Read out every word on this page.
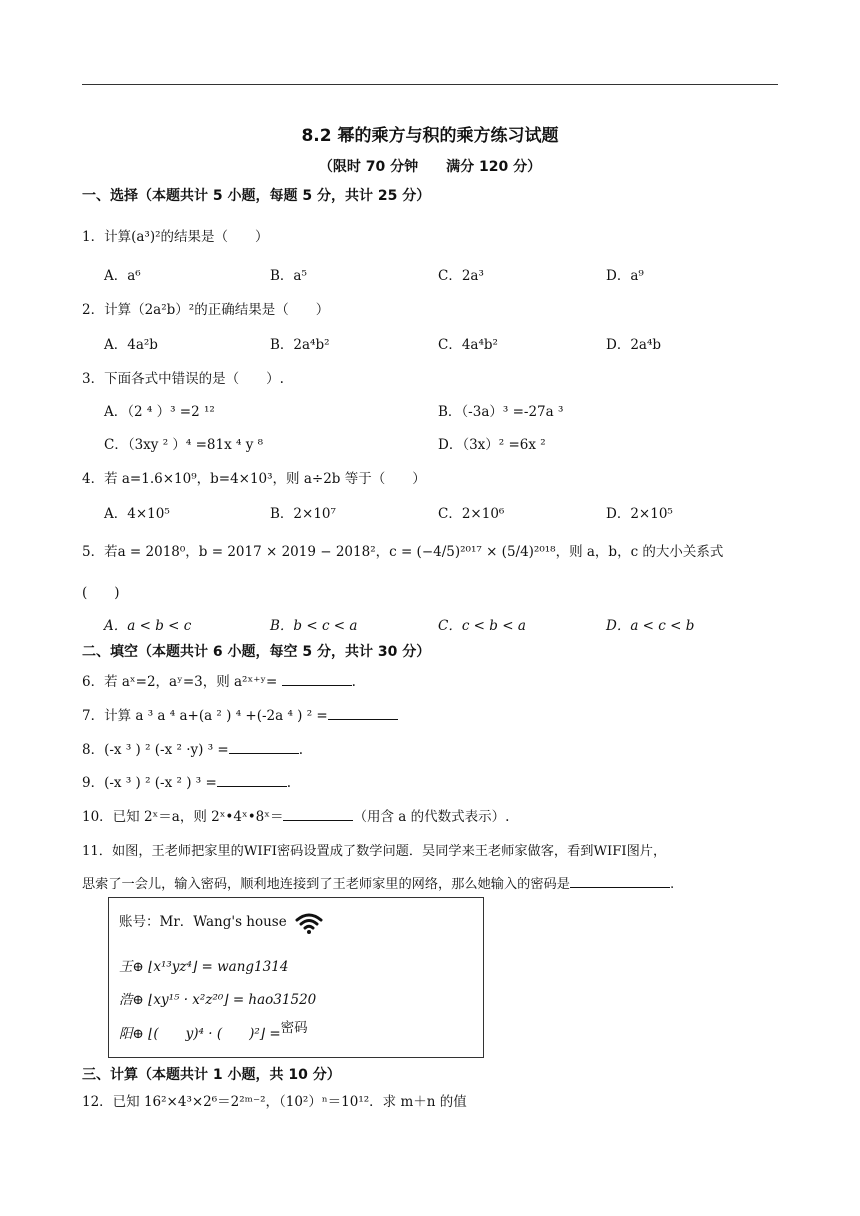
8.2 幂的乘方与积的乘方练习试题
（限时 70 分钟 满分 120 分）
一、选择（本题共计 5 小题，每题 5 分，共计 25 分）
1．计算(a³)²的结果是（　　）
A．a⁶	B．a⁵	C．2a³	D．a⁹
2．计算（2a²b）²的正确结果是（　　）
A．4a²b	B．2a⁴b²	C．4a⁴b²	D．2a⁴b
3．下面各式中错误的是（　　）.
A．（2 ⁴ ）³ =2 ¹²	B．（-3a）³ =-27a ³
C．（3xy ² ）⁴ =81x ⁴ y ⁸	D．（3x）² =6x ²
4．若 a=1.6×10⁹，b=4×10³，则 a÷2b 等于（　　）
A．4×10⁵	B．2×10⁷	C．2×10⁶	D．2×10⁵
5．若a = 2018⁰，b = 2017 × 2019 − 2018²，c = (−4/5)²⁰¹⁷ × (5/4)²⁰¹⁸，则 a，b，c 的大小关系式
(　　)
A．a < b < c	B．b < c < a	C．c < b < a	D．a < c < b
二、填空（本题共计 6 小题，每空 5 分，共计 30 分）
6．若 aˣ=2，aʸ=3，则 a²ˣ⁺ʸ=	.
7．计算 a ³ a ⁴ a+(a ² ) ⁴ +(-2a ⁴ ) ² =
8．(-x ³ ) ² (-x ² ·y) ³ =	.
9．(-x ³ ) ² (-x ² ) ³ =	.
10．已知 2ˣ＝a，则 2ˣ•4ˣ•8ˣ＝	（用含 a 的代数式表示）.
11．如图，王老师把家里的WIFI密码设置成了数学问题．吴同学来王老师家做客，看到WIFI图片，
思索了一会儿，输入密码，顺利地连接到了王老师家里的网络，那么她输入的密码是	.
账号：Mr．Wang's house
王⊕ ⌊x¹³yz⁴⌋ = wang1314
浩⊕ ⌊xy¹⁵ · x²z²⁰⌋ = hao31520
阳⊕ ⌊(　　y)⁴ · (　　)²⌋ =密码
三、计算（本题共计 1 小题，共 10 分）
12．已知 16²×4³×2⁶＝2²ᵐ⁻²，（10²）ⁿ＝10¹²．求 m＋n 的值
